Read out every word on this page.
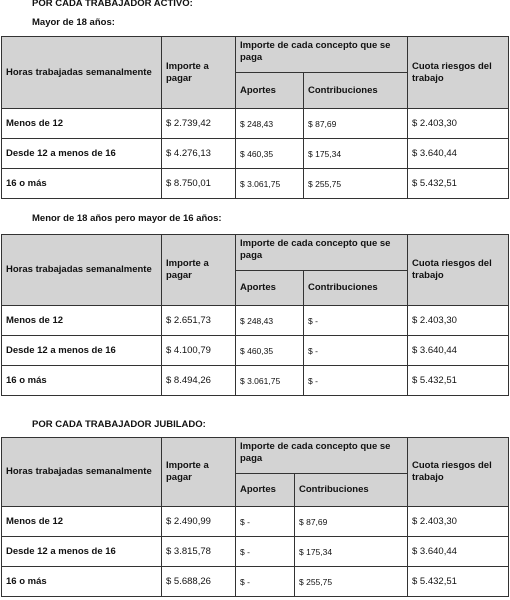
POR CADA TRABAJADOR ACTIVO:
Mayor de 18 años:
Horas trabajadas semanalmente	Importe a pagar	Importe de cada concepto que se paga		Cuota riesgos del trabajo
		Aportes	Contribuciones	
Menos de 12	$ 2.739,42	$ 248,43	$ 87,69	$ 2.403,30
Desde 12 a menos de 16	$ 4.276,13	$ 460,35	$ 175,34	$ 3.640,44
16 o más	$ 8.750,01	$ 3.061,75	$ 255,75	$ 5.432,51
Menor de 18 años pero mayor de 16 años:
Horas trabajadas semanalmente	Importe a pagar	Importe de cada concepto que se paga		Cuota riesgos del trabajo
		Aportes	Contribuciones	
Menos de 12	$ 2.651,73	$ 248,43	$ -	$ 2.403,30
Desde 12 a menos de 16	$ 4.100,79	$ 460,35	$ -	$ 3.640,44
16 o más	$ 8.494,26	$ 3.061,75	$ -	$ 5.432,51
POR CADA TRABAJADOR JUBILADO:
Horas trabajadas semanalmente	Importe a pagar	Importe de cada concepto que se paga		Cuota riesgos del trabajo
		Aportes	Contribuciones	
Menos de 12	$ 2.490,99	$ -	$ 87,69	$ 2.403,30
Desde 12 a menos de 16	$ 3.815,78	$ -	$ 175,34	$ 3.640,44
16 o más	$ 5.688,26	$ -	$ 255,75	$ 5.432,51
